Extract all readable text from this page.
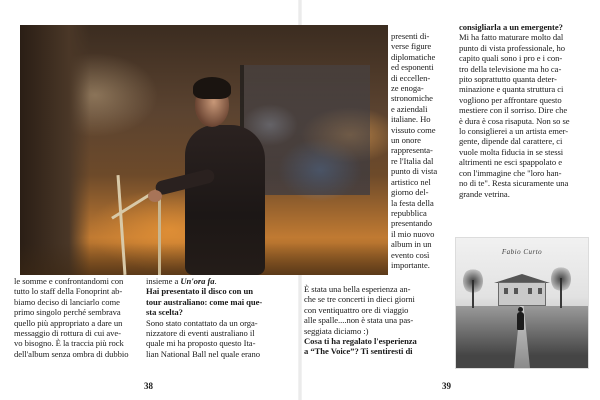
le somme e confrontandomi con

tutto lo staff della Fonoprint ab-

biamo deciso di lanciarlo come

primo singolo perché sembrava

quello più appropriato a dare un

messaggio di rottura di cui ave-

vo bisogno. È la traccia più rock

dell'album senza ombra di dubbio

insieme a Un'ora fa.

Hai presentato il disco con un

tour australiano: come mai que-

sta scelta?

Sono stato contattato da un orga-

nizzatore di eventi australiano il

quale mi ha proposto questo Ita-

lian National Ball nel quale erano

38

presenti di-

verse figure

diplomatiche

ed esponenti

di eccellen-

ze enoga-

stronomiche

e aziendali

italiane. Ho

vissuto come

un onore

rappresenta-

re l'Italia dal

punto di vista

artistico nel

giorno del-

la festa della

repubblica

presentando

il mio nuovo

album in un

evento così

importante.

È stata una bella esperienza an-

che se tre concerti in dieci giorni

con ventiquattro ore di viaggio

alle spalle....non è stata una pas-

seggiata diciamo :)

Cosa ti ha regalato l'esperienza

a “The Voice”? Ti sentiresti di

consigliarla a un emergente?

Mi ha fatto maturare molto dal

punto di vista professionale, ho

capito quali sono i pro e i con-

tro della televisione ma ho ca-

pito soprattutto quanta deter-

minazione e quanta struttura ci

vogliono per affrontare questo

mestiere con il sorriso. Dire che

è dura è cosa risaputa. Non so se

lo consiglierei a un artista emer-

gente, dipende dal carattere, ci

vuole molta fiducia in se stessi

altrimenti ne esci spappolato e

con l'immagine che "loro han-

no di te". Resta sicuramente una

grande vetrina.

Fabio Curto
39
